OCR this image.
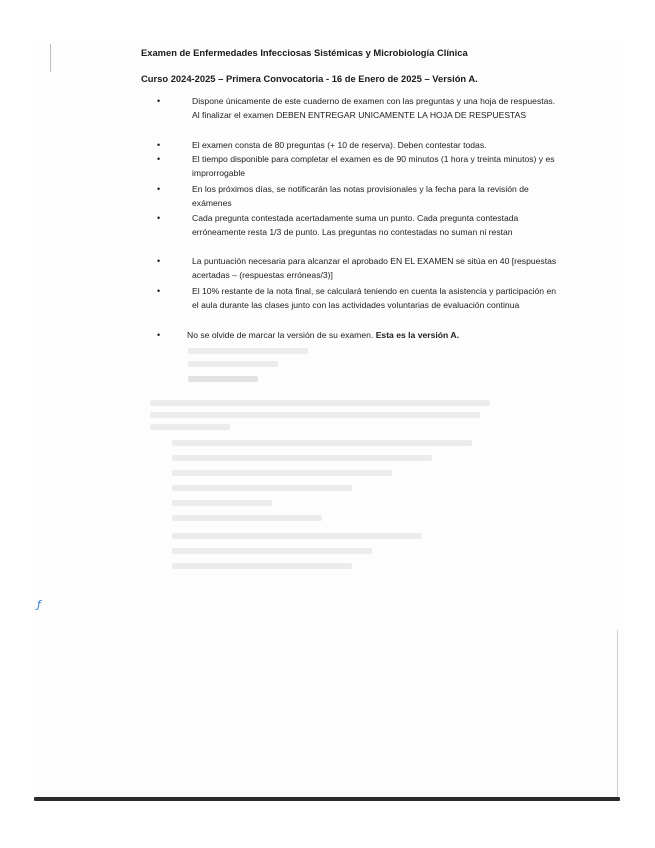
Examen de Enfermedades Infecciosas Sistémicas y Microbiología Clínica
Curso 2024-2025 – Primera Convocatoria - 16 de Enero de 2025 – Versión A.
•	Dispone únicamente de este cuaderno de examen con las preguntas y una hoja de respuestas. Al finalizar el examen DEBEN ENTREGAR UNICAMENTE LA HOJA DE RESPUESTAS
•	El examen consta de 80 preguntas (+ 10 de reserva). Deben contestar todas.
•	El tiempo disponible para completar el examen es de 90 minutos (1 hora y treinta minutos) y es improrrogable
•	En los próximos días, se notificarán las notas provisionales y la fecha para la revisión de exámenes
•	Cada pregunta contestada acertadamente suma un punto. Cada pregunta contestada erróneamente resta 1/3 de punto. Las preguntas no contestadas no suman ni restan
•	La puntuación necesaria para alcanzar el aprobado EN EL EXAMEN se sitúa en 40 [respuestas acertadas – (respuestas erróneas/3)]
•	El 10% restante de la nota final, se calculará teniendo en cuenta la asistencia y participación en el aula durante las clases junto con las actividades voluntarias de evaluación continua
•	No se olvide de marcar la versión de su examen. Esta es la versión A.
ƒ
